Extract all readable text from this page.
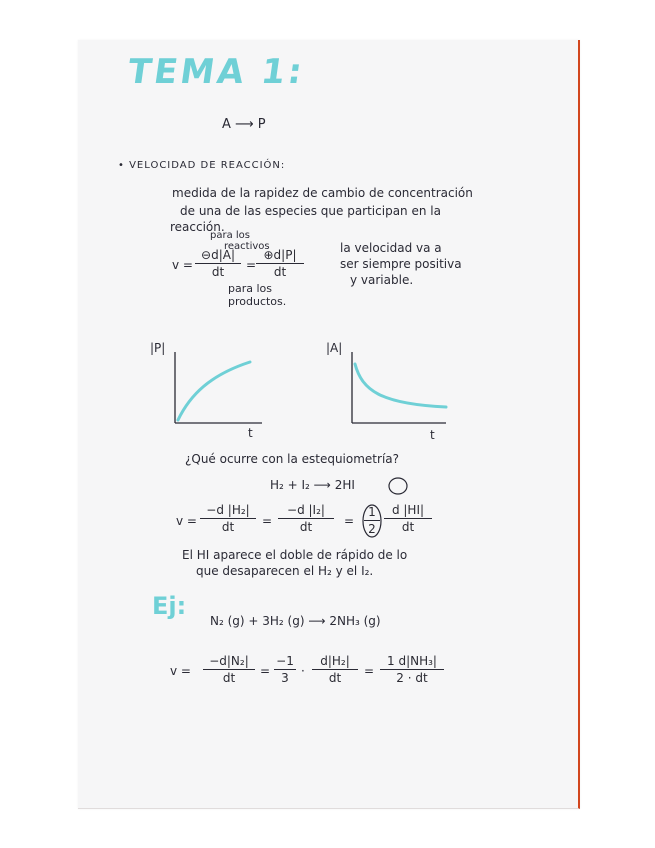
TEMA 1:
A ⟶ P
• VELOCIDAD DE REACCIÓN:
medida de la rapidez de cambio de concentración
de una de las especies que participan en la
reacción.
para los
reactivos
v =
⊖d|A|
dt	=
⊕d|P|
dt
para los
productos.
la velocidad va a
ser siempre positiva
y variable.
|P|
t
|A|
t
¿Qué ocurre con la estequiometría?
H₂ + I₂ ⟶ 2HI
v =
−d |H₂|
dt	=
−d |I₂|
dt	=
1
2
d |HI|
dt
El HI aparece el doble de rápido de lo
que desaparecen el H₂ y el I₂.
Ej:
N₂ (g) + 3H₂ (g) ⟶ 2NH₃ (g)
v =
−d|N₂|
dt	=
−1
3	·
d|H₂|
dt	=
1 d|NH₃|
2 · dt
